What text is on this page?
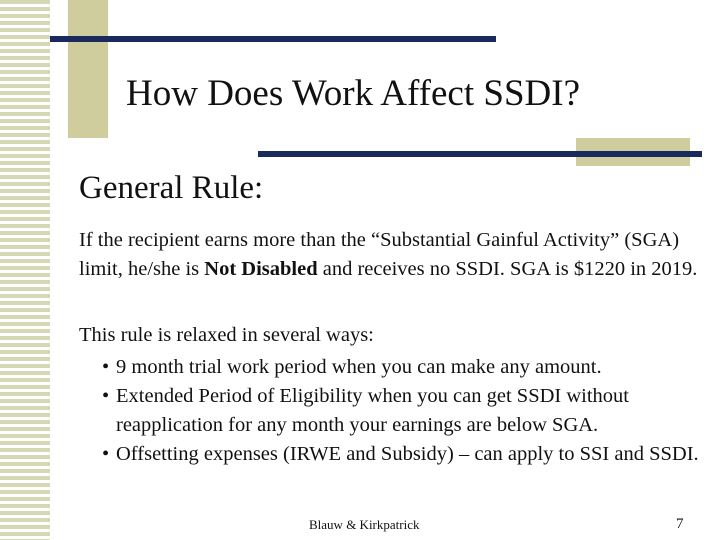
How Does Work Affect SSDI?
General Rule:

If the recipient earns more than the “Substantial Gainful Activity” (SGA) limit, he/she is Not Disabled and receives no SSDI. SGA is $1220 in 2019.

This rule is relaxed in several ways:

• 9 month trial work period when you can make any amount.
• Extended Period of Eligibility when you can get SSDI without reapplication for any month your earnings are below SGA.
• Offsetting expenses (IRWE and Subsidy) – can apply to SSI and SSDI.
Blauw & Kirkpatrick	7
